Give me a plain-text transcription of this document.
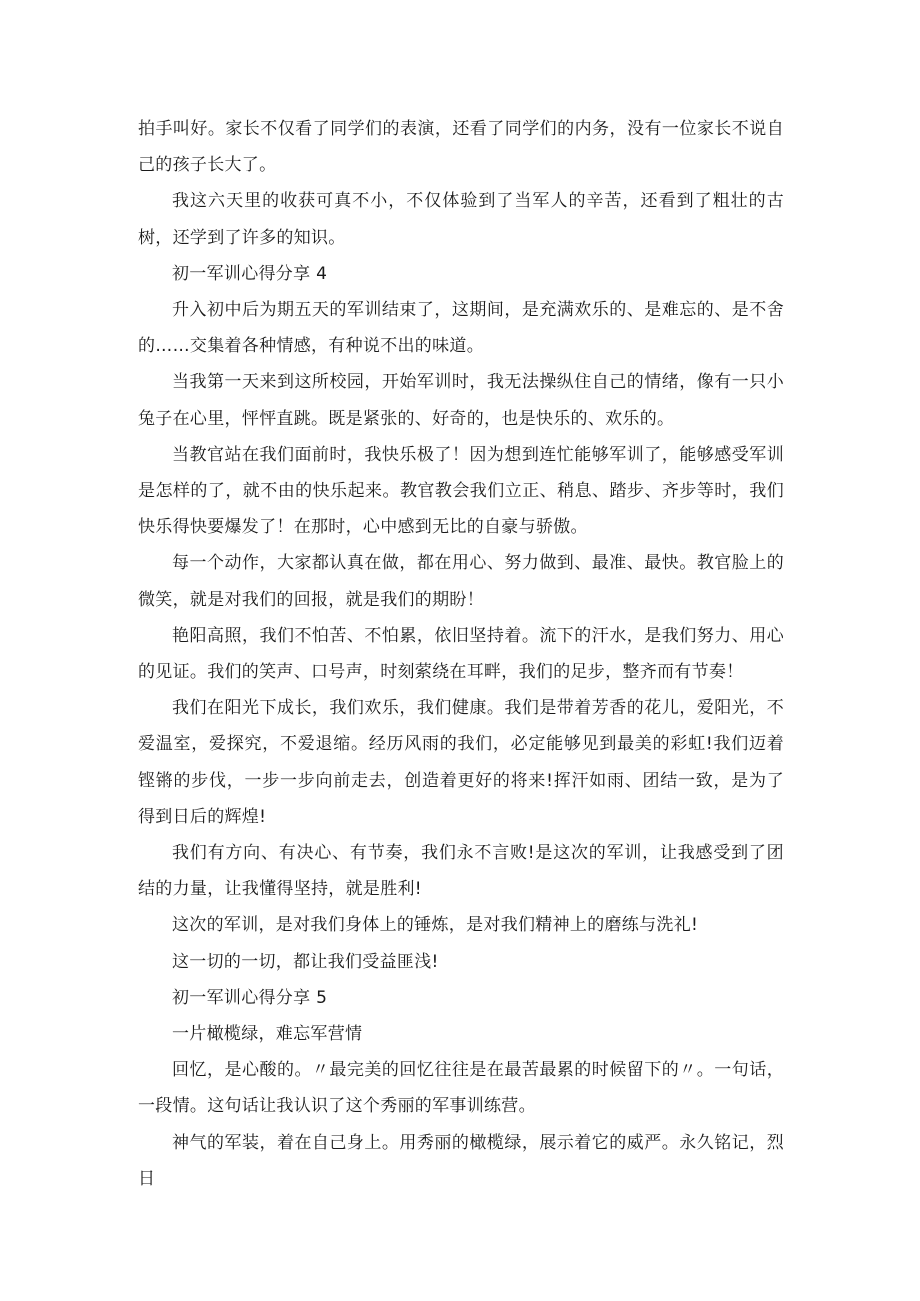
拍手叫好。家长不仅看了同学们的表演，还看了同学们的内务，没有一位家长不说自己的孩子长大了。

我这六天里的收获可真不小，不仅体验到了当军人的辛苦，还看到了粗壮的古树，还学到了许多的知识。

初一军训心得分享 4

升入初中后为期五天的军训结束了，这期间，是充满欢乐的、是难忘的、是不舍的……交集着各种情感，有种说不出的味道。

当我第一天来到这所校园，开始军训时，我无法操纵住自己的情绪，像有一只小兔子在心里，怦怦直跳。既是紧张的、好奇的，也是快乐的、欢乐的。

当教官站在我们面前时，我快乐极了！因为想到连忙能够军训了，能够感受军训是怎样的了，就不由的快乐起来。教官教会我们立正、稍息、踏步、齐步等时，我们快乐得快要爆发了！在那时，心中感到无比的自豪与骄傲。

每一个动作，大家都认真在做，都在用心、努力做到、最准、最快。教官脸上的微笑，就是对我们的回报，就是我们的期盼！

艳阳高照，我们不怕苦、不怕累，依旧坚持着。流下的汗水，是我们努力、用心的见证。我们的笑声、口号声，时刻萦绕在耳畔，我们的足步，整齐而有节奏！

我们在阳光下成长，我们欢乐，我们健康。我们是带着芳香的花儿，爱阳光，不爱温室，爱探究，不爱退缩。经历风雨的我们，必定能够见到最美的彩虹!我们迈着铿锵的步伐，一步一步向前走去，创造着更好的将来!挥汗如雨、团结一致，是为了得到日后的辉煌!

我们有方向、有决心、有节奏，我们永不言败!是这次的军训，让我感受到了团结的力量，让我懂得坚持，就是胜利!

这次的军训，是对我们身体上的锤炼，是对我们精神上的磨练与洗礼!

这一切的一切，都让我们受益匪浅!

初一军训心得分享 5

一片橄榄绿，难忘军营情

回忆，是心酸的。〃最完美的回忆往往是在最苦最累的时候留下的〃。一句话，一段情。这句话让我认识了这个秀丽的军事训练营。

神气的军装，着在自己身上。用秀丽的橄榄绿，展示着它的威严。永久铭记，烈日
